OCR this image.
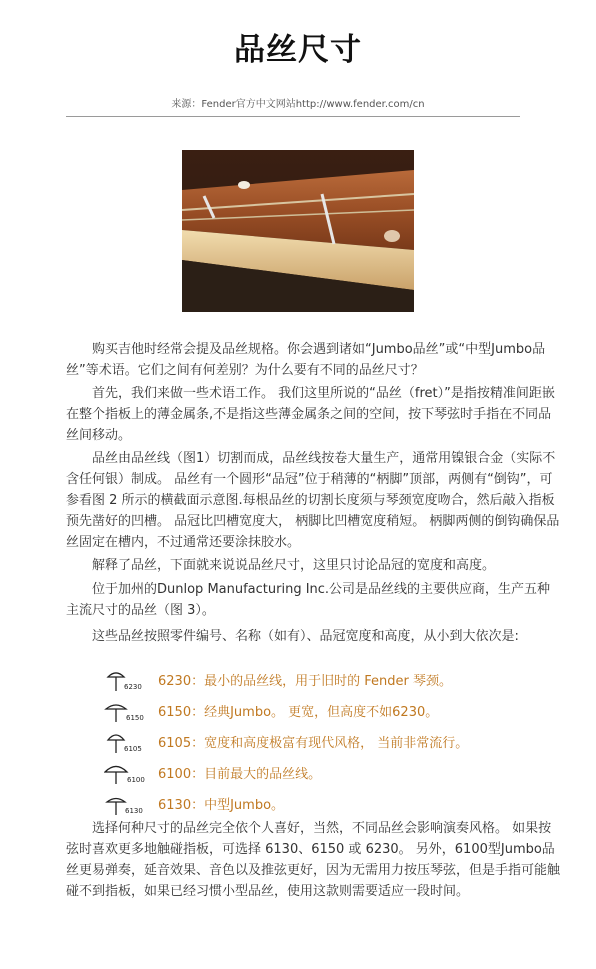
品丝尺寸
来源：Fender官方中文网站http://www.fender.com/cn

购买吉他时经常会提及品丝规格。你会遇到诸如“Jumbo品丝”或“中型Jumbo品丝”等术语。它们之间有何差别？为什么要有不同的品丝尺寸？

首先，我们来做一些术语工作。 我们这里所说的“品丝（fret）”是指按精准间距嵌在整个指板上的薄金属条,不是指这些薄金属条之间的空间，按下琴弦时手指在不同品丝间移动。

品丝由品丝线（图1）切割而成，品丝线按卷大量生产，通常用镍银合金（实际不含任何银）制成。 品丝有一个圆形“品冠”位于稍薄的“柄脚”顶部，两侧有“倒钩”，可参看图 2 所示的横截面示意图.每根品丝的切割长度须与琴颈宽度吻合，然后敲入指板预先凿好的凹槽。 品冠比凹槽宽度大， 柄脚比凹槽宽度稍短。 柄脚两侧的倒钩确保品丝固定在槽内，不过通常还要涂抹胶水。

解释了品丝，下面就来说说品丝尺寸，这里只讨论品冠的宽度和高度。

位于加州的Dunlop Manufacturing Inc.公司是品丝线的主要供应商，生产五种主流尺寸的品丝（图 3）。

这些品丝按照零件编号、名称（如有）、品冠宽度和高度，从小到大依次是:

6230 6230：最小的品丝线，用于旧时的 Fender 琴颈。
6150 6150：经典Jumbo。 更宽，但高度不如6230。
6105 6105：宽度和高度极富有现代风格， 当前非常流行。
6100 6100：目前最大的品丝线。
6130 6130：中型Jumbo。

选择何种尺寸的品丝完全依个人喜好，当然，不同品丝会影响演奏风格。 如果按弦时喜欢更多地触碰指板，可选择 6130、6150 或 6230。 另外，6100型Jumbo品丝更易弹奏，延音效果、音色以及推弦更好，因为无需用力按压琴弦，但是手指可能触碰不到指板，如果已经习惯小型品丝，使用这款则需要适应一段时间。
